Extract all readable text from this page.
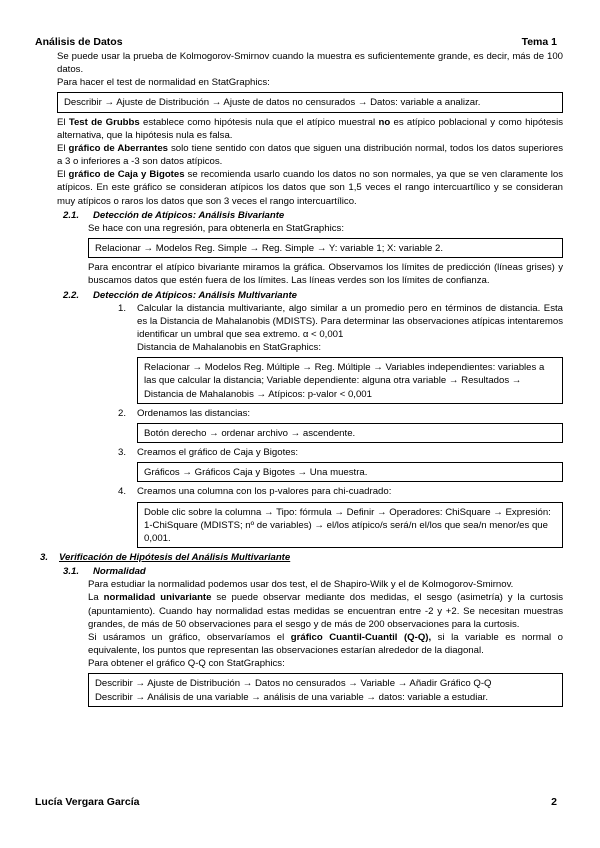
Análisis de Datos	Tema 1

Se puede usar la prueba de Kolmogorov-Smirnov cuando la muestra es suficientemente grande, es decir, más de 100 datos.

Para hacer el test de normalidad en StatGraphics:

Describir → Ajuste de Distribución → Ajuste de datos no censurados → Datos: variable a analizar.

El Test de Grubbs establece como hipótesis nula que el atípico muestral no es atípico poblacional y como hipótesis alternativa, que la hipótesis nula es falsa.

El gráfico de Aberrantes solo tiene sentido con datos que siguen una distribución normal, todos los datos superiores a 3 o inferiores a -3 son datos atípicos.

El gráfico de Caja y Bigotes se recomienda usarlo cuando los datos no son normales, ya que se ven claramente los atípicos. En este gráfico se consideran atípicos los datos que son 1,5 veces el rango intercuartílico y se consideran muy atípicos o raros los datos que son 3 veces el rango intercuartílico.

2.1. Detección de Atípicos: Análisis Bivariante

Se hace con una regresión, para obtenerla en StatGraphics:

Relacionar → Modelos Reg. Simple → Reg. Simple → Y: variable 1; X: variable 2.

Para encontrar el atípico bivariante miramos la gráfica. Observamos los límites de predicción (líneas grises) y buscamos datos que estén fuera de los límites. Las líneas verdes son los límites de confianza.

2.2. Detección de Atípicos: Análisis Multivariante

1. Calcular la distancia multivariante, algo similar a un promedio pero en términos de distancia. Esta es la Distancia de Mahalanobis (MDISTS). Para determinar las observaciones atípicas intentaremos identificar un umbral que sea extremo. α < 0,001

Distancia de Mahalanobis en StatGraphics:

Relacionar → Modelos Reg. Múltiple → Reg. Múltiple → Variables independientes: variables a las que calcular la distancia; Variable dependiente: alguna otra variable → Resultados → Distancia de Mahalanobis → Atípicos: p-valor < 0,001
2. Ordenamos las distancias:
Botón derecho → ordenar archivo → ascendente.
3. Creamos el gráfico de Caja y Bigotes:
Gráficos → Gráficos Caja y Bigotes → Una muestra.
4. Creamos una columna con los p-valores para chi-cuadrado:
Doble clic sobre la columna → Tipo: fórmula → Definir → Operadores: ChiSquare → Expresión: 1-ChiSquare (MDISTS; nº de variables) → el/los atípico/s será/n el/los que sea/n menor/es que 0,001.

3. Verificación de Hipótesis del Análisis Multivariante

3.1. Normalidad

Para estudiar la normalidad podemos usar dos test, el de Shapiro-Wilk y el de Kolmogorov-Smirnov.

La normalidad univariante se puede observar mediante dos medidas, el sesgo (asimetría) y la curtosis (apuntamiento). Cuando hay normalidad estas medidas se encuentran entre -2 y +2. Se necesitan muestras grandes, de más de 50 observaciones para el sesgo y de más de 200 observaciones para la curtosis.

Si usáramos un gráfico, observaríamos el gráfico Cuantil-Cuantil (Q-Q), si la variable es normal o equivalente, los puntos que representan las observaciones estarían alrededor de la diagonal.

Para obtener el gráfico Q-Q con StatGraphics:

Describir → Ajuste de Distribución → Datos no censurados → Variable → Añadir Gráfico Q-Q
Describir → Análisis de una variable → análisis de una variable → datos: variable a estudiar.
Lucía Vergara García	2
